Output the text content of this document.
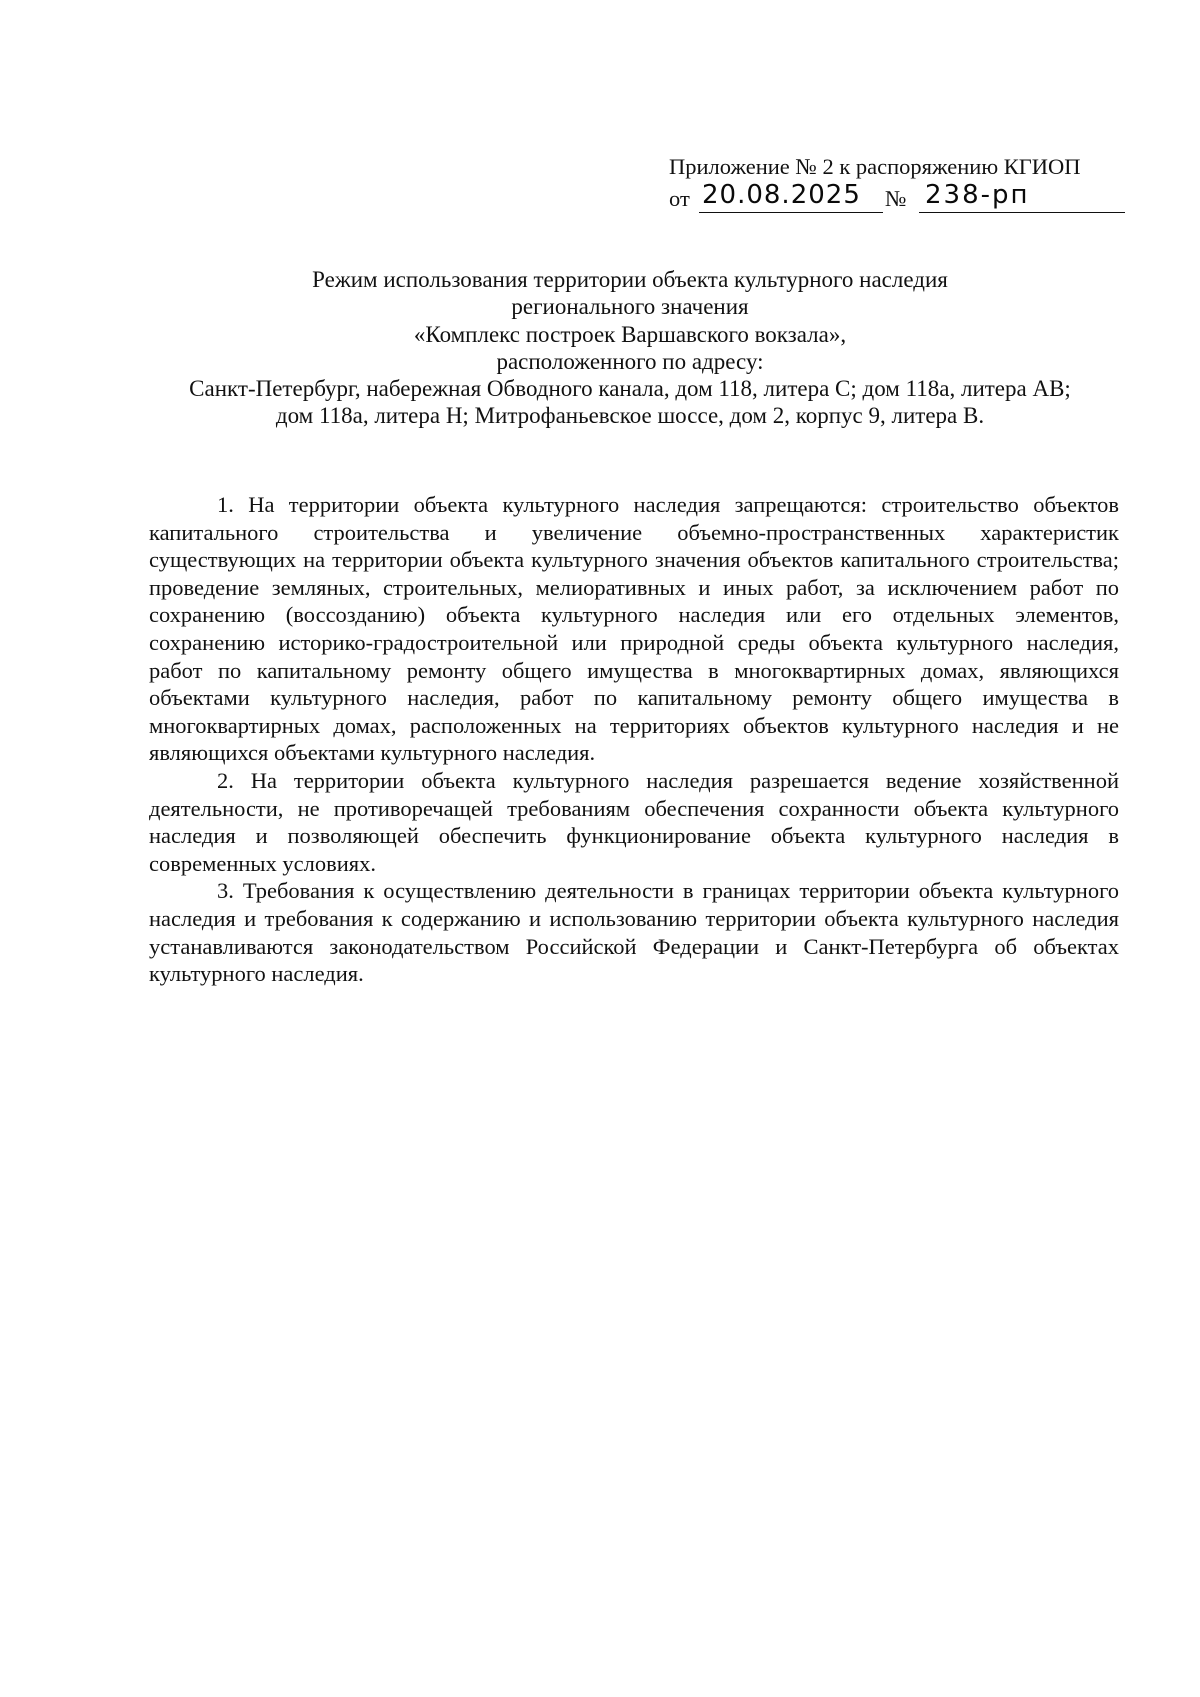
Приложение № 2 к распоряжению КГИОП
от 20.08.2025 № 238-рп
Режим использования территории объекта культурного наследия
регионального значения
«Комплекс построек Варшавского вокзала»,
расположенного по адресу:
Санкт-Петербург, набережная Обводного канала, дом 118, литера С; дом 118а, литера АВ;
дом 118а, литера Н; Митрофаньевское шоссе, дом 2, корпус 9, литера В.

1. На территории объекта культурного наследия запрещаются: строительство объектов капитального строительства и увеличение объемно-пространственных характеристик существующих на территории объекта культурного значения объектов капитального строительства; проведение земляных, строительных, мелиоративных и иных работ, за исключением работ по сохранению (воссозданию) объекта культурного наследия или его отдельных элементов, сохранению историко-градостроительной или природной среды объекта культурного наследия, работ по капитальному ремонту общего имущества в многоквартирных домах, являющихся объектами культурного наследия, работ по капитальному ремонту общего имущества в многоквартирных домах, расположенных на территориях объектов культурного наследия и не являющихся объектами культурного наследия.

2. На территории объекта культурного наследия разрешается ведение хозяйственной деятельности, не противоречащей требованиям обеспечения сохранности объекта культурного наследия и позволяющей обеспечить функционирование объекта культурного наследия в современных условиях.

3. Требования к осуществлению деятельности в границах территории объекта культурного наследия и требования к содержанию и использованию территории объекта культурного наследия устанавливаются законодательством Российской Федерации и Санкт-Петербурга об объектах культурного наследия.
